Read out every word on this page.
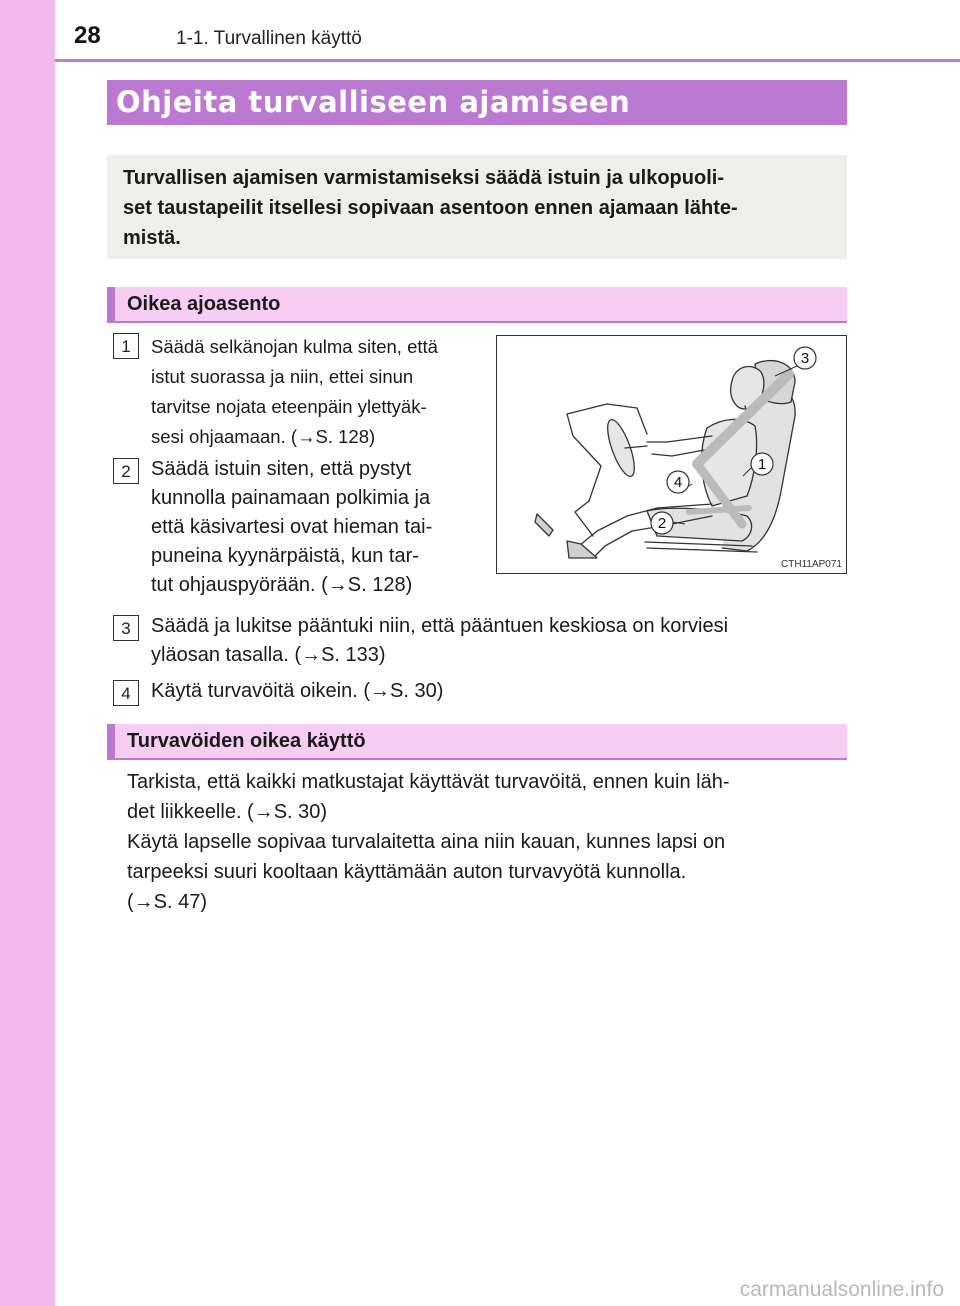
28	1-1. Turvallinen käyttö
Ohjeita turvalliseen ajamiseen
Turvallisen ajamisen varmistamiseksi säädä istuin ja ulkopuoli-
set taustapeilit itsellesi sopivaan asentoon ennen ajamaan lähte-
mistä.
Oikea ajoasento
1	Säädä selkänojan kulma siten, että
istut suorassa ja niin, ettei sinun
tarvitse nojata eteenpäin ylettyäk-
sesi ohjaamaan. (→S. 128)
2	Säädä istuin siten, että pystyt
kunnolla painamaan polkimia ja
että käsivartesi ovat hieman tai-
puneina kyynärpäistä, kun tar-
tut ohjauspyörään. (→S. 128)
3	Säädä ja lukitse pääntuki niin, että pääntuen keskiosa on korviesi
yläosan tasalla. (→S. 133)
4	Käytä turvavöitä oikein. (→S. 30)
3
1
4
2
CTH11AP071
Turvavöiden oikea käyttö
Tarkista, että kaikki matkustajat käyttävät turvavöitä, ennen kuin läh-
det liikkeelle. (→S. 30)
Käytä lapselle sopivaa turvalaitetta aina niin kauan, kunnes lapsi on
tarpeeksi suuri kooltaan käyttämään auton turvavyötä kunnolla.
(→S. 47)
carmanualsonline.info
